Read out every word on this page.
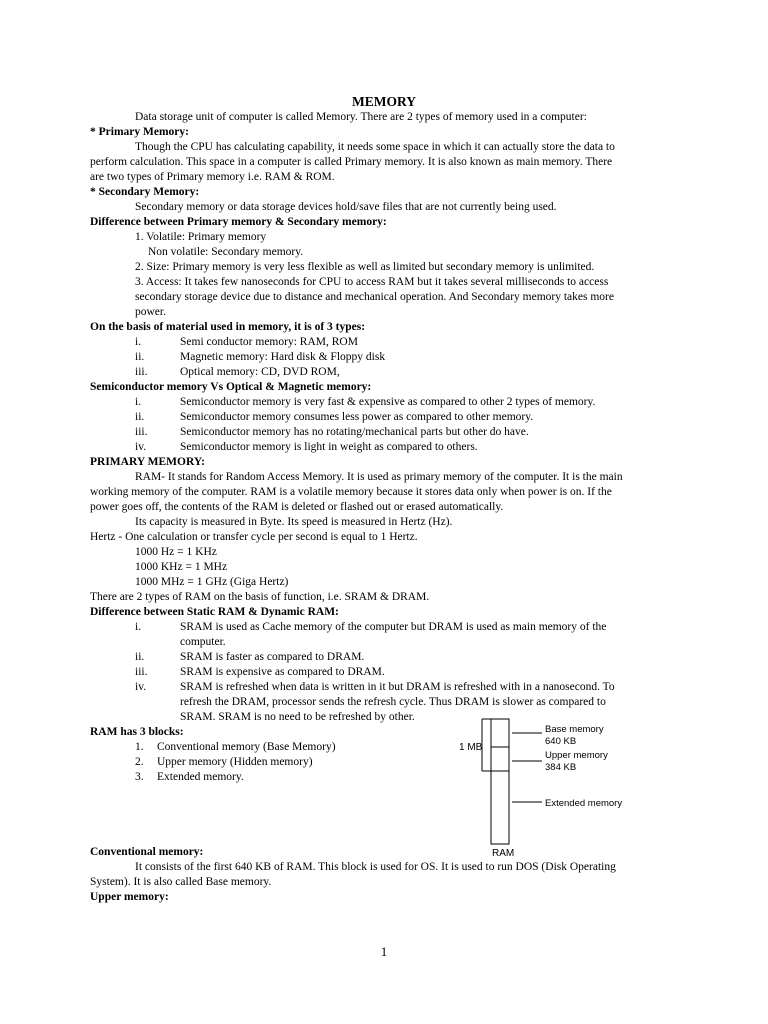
MEMORY
Data storage unit of computer is called Memory. There are 2 types of memory used in a computer:
* Primary Memory:
Though the CPU has calculating capability, it needs some space in which it can actually store the data to
perform calculation. This space in a computer is called Primary memory. It is also known as main memory. There
are two types of Primary memory i.e. RAM & ROM.
* Secondary Memory:
Secondary memory or data storage devices hold/save files that are not currently being used.
Difference between Primary memory & Secondary memory:
1. Volatile: Primary memory
Non volatile: Secondary memory.
2. Size: Primary memory is very less flexible as well as limited but secondary memory is unlimited.
3. Access: It takes few nanoseconds for CPU to access RAM but it takes several milliseconds to access
secondary storage device due to distance and mechanical operation. And Secondary memory takes more
power.
On the basis of material used in memory, it is of 3 types:
i.	Semi conductor memory: RAM, ROM
ii.	Magnetic memory: Hard disk & Floppy disk
iii.	Optical memory: CD, DVD ROM,
Semiconductor memory Vs Optical & Magnetic memory:
i.	Semiconductor memory is very fast & expensive as compared to other 2 types of memory.
ii.	Semiconductor memory consumes less power as compared to other memory.
iii.	Semiconductor memory has no rotating/mechanical parts but other do have.
iv.	Semiconductor memory is light in weight as compared to others.
PRIMARY MEMORY:
RAM- It stands for Random Access Memory. It is used as primary memory of the computer. It is the main
working memory of the computer. RAM is a volatile memory because it stores data only when power is on. If the
power goes off, the contents of the RAM is deleted or flashed out or erased automatically.
Its capacity is measured in Byte. Its speed is measured in Hertz (Hz).
Hertz - One calculation or transfer cycle per second is equal to 1 Hertz.
1000 Hz = 1 KHz
1000 KHz = 1 MHz
1000 MHz = 1 GHz (Giga Hertz)
There are 2 types of RAM on the basis of function, i.e. SRAM & DRAM.
Difference between Static RAM & Dynamic RAM:
i.	SRAM is used as Cache memory of the computer but DRAM is used as main memory of the
computer.
ii.	SRAM is faster as compared to DRAM.
iii.	SRAM is expensive as compared to DRAM.
iv.	SRAM is refreshed when data is written in it but DRAM is refreshed with in a nanosecond. To
refresh the DRAM, processor sends the refresh cycle. Thus DRAM is slower as compared to
SRAM. SRAM is no need to be refreshed by other.
RAM has 3 blocks:
1. Conventional memory (Base Memory)
2. Upper memory (Hidden memory)
3. Extended memory.
Conventional memory:
It consists of the first 640 KB of RAM. This block is used for OS. It is used to run DOS (Disk Operating
System). It is also called Base memory.
Upper memory:
1 MB
Base memory
640 KB
Upper memory
384 KB
Extended memory
RAM
1
